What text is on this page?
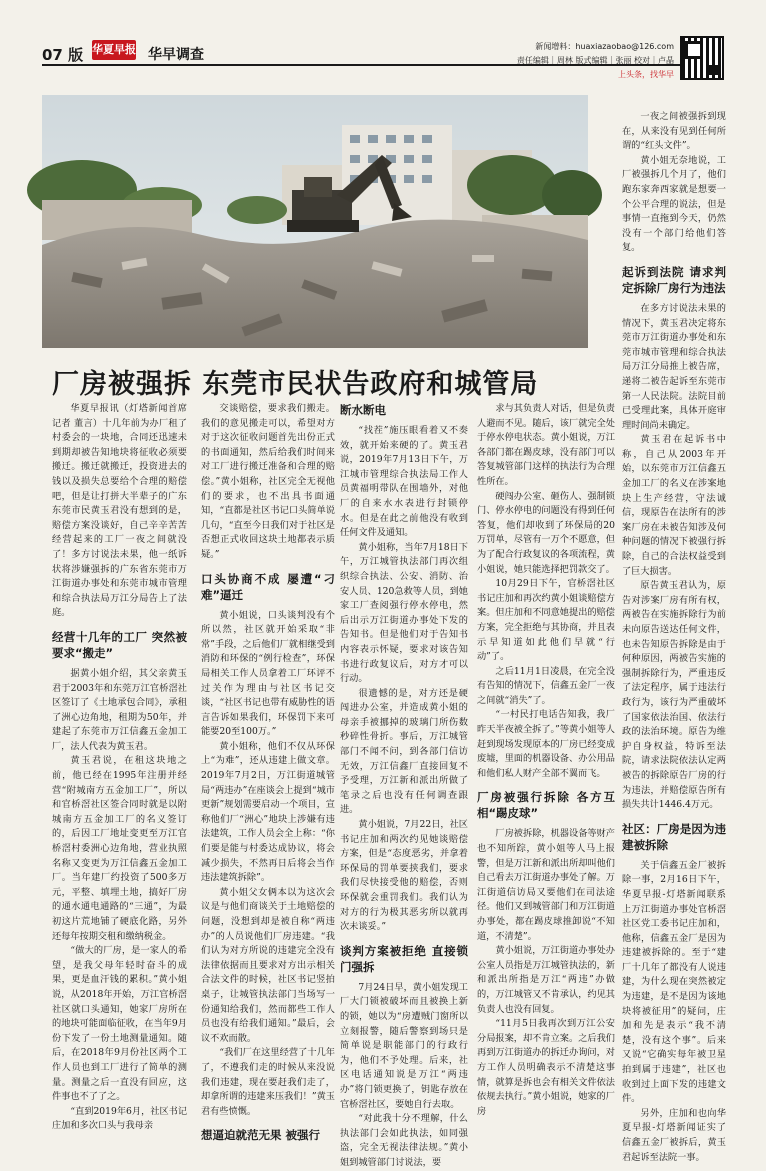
07 版 华夏早报 华早调查
新闻增料：huaxiazaobao@126.com
责任编辑｜周林 版式编辑｜张丽 校对｜卢晶
上头条，找华早
厂房被强拆 东莞市民状告政府和城管局

华夏早报讯（灯塔新闻首席记者 董言）十几年前为办厂租了村委会的一块地，合同还迅速未到期却被告知地块将征收必须要搬迁。搬迁就搬迁，投资进去的钱以及损失总要给个合理的赔偿吧，但是让打拼大半辈子的广东东莞市民黄玉君没有想到的是，赔偿方案没谈好，自己辛辛苦苦经营起来的工厂一夜之间就没了！多方讨说法未果，他一纸诉状将涉嫌强拆的广东省东莞市万江街道办事处和东莞市城市管理和综合执法局万江分局告上了法庭。

经营十几年的工厂 突然被要求“搬走”

据黄小姐介绍，其父亲黄玉君于2003年和东莞万江官桥滘社区签订了《土地承包合同》，承租了洲心边角地，租期为50年，并建起了东莞市万江信鑫五金加工厂，法人代表为黄玉君。

黄玉君说，在租这块地之前，他已经在1995年注册并经营“附城南方五金加工厂”，所以和官桥滘社区签合同时就是以附城南方五金加工厂的名义签订的，后因工厂地址变更至万江官桥滘村委洲心边角地，营业执照名称又变更为万江信鑫五金加工厂。当年建厂约投资了500多万元，平整、填埋土地，搞好厂房的通水通电通路的“三通”，为最初这片荒地铺了硬底化路，另外还每年按期交租和缴纳税金。

“做大的厂房，是一家人的希望，是我父母年轻时奋斗的成果，更是血汗钱的累积。”黄小姐说，从2018年开始，万江官桥滘社区就口头通知，她家厂房所在的地块可能面临征收，在当年9月份下发了一份土地测量通知。随后，在2018年9月份社区两个工作人员也到工厂进行了简单的测量。测量之后一直没有回应，这件事也不了了之。

“直到2019年6月，社区书记庄加和多次口头与我母亲

交谈赔偿，要求我们搬走。我们的意见搬走可以，希望对方对于这次征收问题首先出份正式的书面通知，然后给我们时间来对工厂进行搬迁准备和合理的赔偿。”黄小姐称，社区完全无视他们的要求，也不出具书面通知，“直都是社区书记口头简单说几句，“直至今日我们对于社区是否想正式收回这块土地都表示质疑。”

口头协商不成 屡遭“刁难”逼迁

黄小姐说，口头谈判没有个所以然，社区就开始采取“非常”手段，之后他们厂就相继受到消防和环保的“例行检查”，环保局相关工作人员拿着工厂环评不过关作为理由与社区书记交谈，“社区书记也带有威胁性的语言告诉如果我们，环保罚下来可能要20至100万。”

黄小姐称，他们不仅从环保上“为难”，还从违建上做文章。2019年7月2日，万江街道城管局“两违办”在座谈会上提到“城市更新”规划需要启动一个项目，宣称他们厂“洲心”地块上涉嫌有违法建筑，工作人员会全上称：“你们要是能与村委达成协议，将会减少损失，不然再日后将会当作违法建筑拆除”。

黄小姐父女俩本以为这次会议是与他们商谈关于土地赔偿的问题，没想到却是被自称“两违办”的人员说他们厂房违建。“我们认为对方所说的违建完全没有法律依据而且要求对方出示相关合法文件的时候，社区书记竖拍桌子，让城管执法部门当场写一份通知给我们，然而都些工作人员也没有给我们通知。”最后，会议不欢而散。

“我们厂在这里经营了十几年了，不遵我们走的时候从来没说我们违建，现在要赶我们走了，却拿所谓的违建来压我们！”黄玉君有些愤慨。

想逼迫就范无果 被强行

断水断电

“找茬”施压眼看着又不奏效，就开始来硬的了。黄玉君说，2019年7月13日下午，万江城市管理综合执法局工作人员黄福明带队在围墙外，对他厂的自来水水表进行封锁停水。但是在此之前他没有收到任何文件及通知。

黄小姐称，当年7月18日下午，万江城管执法部门再次组织综合执法、公安、消防、治安人员、120急救等人员，到她家工厂查阅强行停水停电，然后出示万江街道办事处下发的告知书。但是他们对于告知书内容表示怀疑，要求对该告知书进行政复议后，对方才可以行动。

很遗憾的是，对方还是硬闯进办公室，并造成黄小姐的母亲手被挪掉的玻璃门所伤数秒碎性骨折。事后，万江城管部门不闻不问，到各部门信访无效，万江信鑫厂直接回复不予受理，万江新和派出所做了笔录之后也没有任何调查跟进。

黄小姐说，7月22日，社区书记庄加和两次约见她谈赔偿方案，但是“态度恶劣，并拿着环保局的罚单要挟我们，要求我们尽快接受他的赔偿，否则环保就会重罚我们。我们认为对方的行为极其恶劣所以就再次未谈妥。”

谈判方案被拒绝 直接锁门强拆

7月24日早，黄小姐发现工厂大门锁被破坏而且被换上新的锁，她以为“房遭贼门窗所以立刻报警，随后警察到场只是简单说是职能部门的行政行为，他们不予处理。后来，社区电话通知说是万江“两违办”将门锁更换了，钥匙存放在官桥滘社区，要她自行去取。

“对此我十分不理解，什么执法部门会如此执法，如同强盗，完全无视法律法规。”黄小姐到城管部门讨说法，要

求与其负责人对话，但是负责人避而不见。随后，该厂就完全处于停水停电状态。黄小姐说，万江各部门都在踢皮球，没有部门可以答复城管部门这样的执法行为合理性所在。

硬闯办公室、砸伤人、强制锁门、停水停电的问题没有得到任何答复，他们却收到了环保局的20万罚单，尽管有一万个不愿意，但为了配合行政复议的各项流程，黄小姐说，她只能选择把罚款交了。

10月29日下午，官桥滘社区书记庄加和再次约黄小姐谈赔偿方案。但庄加和不同意她提出的赔偿方案，完全拒绝与其协商，并且表示早知道如此他们早就“行动”了。

之后11月1日凌晨，在完全没有告知的情况下，信鑫五金厂一夜之间就“消失”了。

“一村民打电话告知我，我厂昨天半夜被全拆了。”等黄小姐等人赶到现场发现原本的厂房已经变成废墟，里面的机器设备、办公用品和他们私人财产全部不翼而飞。

厂房被强行拆除 各方互相“踢皮球”

厂房被拆除，机器设备等财产也不知所踪，黄小姐等人马上报警，但是万江新和派出所却叫他们自己看去万江街道办事处了解。万江街道信访局又要他们在司法途径。他们又到城管部门和万江街道办事处，都在踢皮球推卸说“不知道，不清楚”。

黄小姐说，万江街道办事处办公室人员指是万江城管执法的，新和派出所指是万江“两违”办做的，万江城管又不肯承认，约见其负责人也没有回复。

“11月5日我再次到万江公安分局报案，却不肯立案。之后我们再到万江街道办的拆迁办询问，对方工作人员明确表示不清楚这事情，就算是拆也会有相关文件依法依规去执行。”黄小姐说，她家的厂房

一夜之间被强拆到现在，从来没有见到任何所谓的“红头文件”。

黄小姐无奈地说，工厂被强拆几个月了，他们跑东家奔西家就是想要一个公平合理的说法，但是事情一直拖到今天，仍然没有一个部门给他们答复。

起诉到法院 请求判定拆除厂房行为违法

在多方讨说法未果的情况下，黄玉君决定将东莞市万江街道办事处和东莞市城市管理和综合执法局万江分局推上被告席，递将二被告起诉至东莞市第一人民法院。法院目前已受理此案，具体开庭审理时间尚未确定。

黄玉君在起诉书中称，自己从2003年开始，以东莞市万江信鑫五金加工厂的名义在涉案地块上生产经营，守法诚信，现原告在法所有的涉案厂房在未被告知涉及何种问题的情况下被强行拆除，自己的合法权益受到了巨大损害。

原告黄玉君认为，原告对涉案厂房有所有权，两被告在实施拆除行为前未向原告送达任何文件，也未告知原告拆除是由于何种原因，两被告实施的强制拆除行为，严重违反了法定程序，属于违法行政行为，该行为严重破坏了国家依法治国、依法行政的法治环境。原告为维护自身权益，特诉至法院，请求法院依法认定两被告的拆除原告厂房的行为违法，并赔偿原告所有损失共计1446.4万元。

社区：厂房是因为违建被拆除

关于信鑫五金厂被拆除一事，2月16日下午，华夏早报-灯塔新闻联系上万江街道办事处官桥滘社区党工委书记庄加和，他称，信鑫五金厂是因为违建被拆除的。至于“建厂十几年了都没有人说违建，为什么现在突然被定为违建，是不是因为该地块将被征用”的疑问，庄加和先是表示“我不清楚，没有这个事”。后来又说“它确实每年被卫星拍到属于违建”，社区也收到过上面下发的违建文件。

另外，庄加和也向华夏早报-灯塔新闻证实了信鑫五金厂被拆后，黄玉君起诉至法院一事。
